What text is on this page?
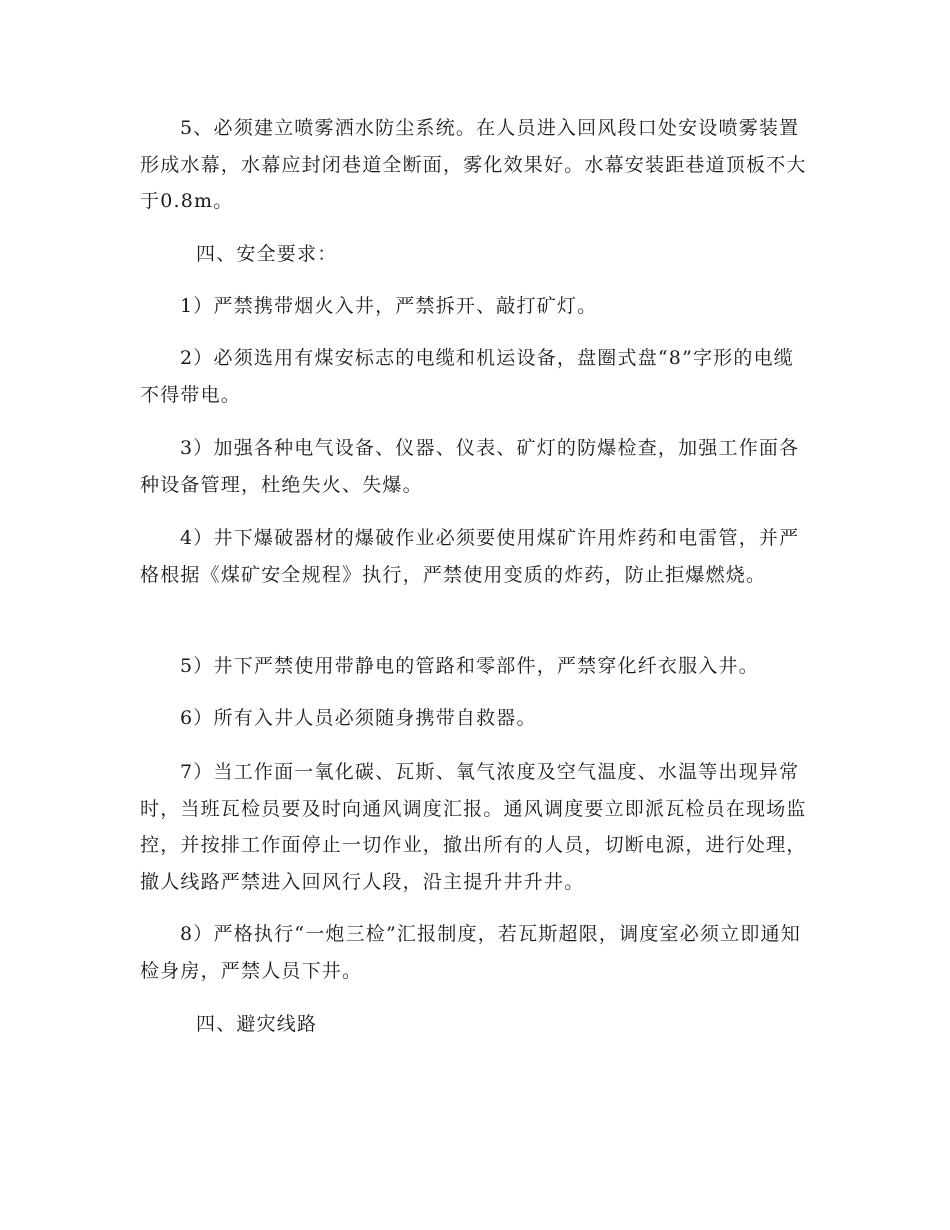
5、必须建立喷雾洒水防尘系统。在人员进入回风段口处安设喷雾装置形成水幕，水幕应封闭巷道全断面，雾化效果好。水幕安装距巷道顶板不大于0.8m。

四、安全要求：

1）严禁携带烟火入井，严禁拆开、敲打矿灯。

2）必须选用有煤安标志的电缆和机运设备，盘圈式盘“8”字形的电缆不得带电。

3）加强各种电气设备、仪器、仪表、矿灯的防爆检查，加强工作面各种设备管理，杜绝失火、失爆。

4）井下爆破器材的爆破作业必须要使用煤矿许用炸药和电雷管，并严格根据《煤矿安全规程》执行，严禁使用变质的炸药，防止拒爆燃烧。

5）井下严禁使用带静电的管路和零部件，严禁穿化纤衣服入井。

6）所有入井人员必须随身携带自救器。

7）当工作面一氧化碳、瓦斯、氧气浓度及空气温度、水温等出现异常时，当班瓦检员要及时向通风调度汇报。通风调度要立即派瓦检员在现场监控，并按排工作面停止一切作业，撤出所有的人员，切断电源，进行处理，撤人线路严禁进入回风行人段，沿主提升井升井。

8）严格执行“一炮三检”汇报制度，若瓦斯超限，调度室必须立即通知检身房，严禁人员下井。

四、避灾线路
